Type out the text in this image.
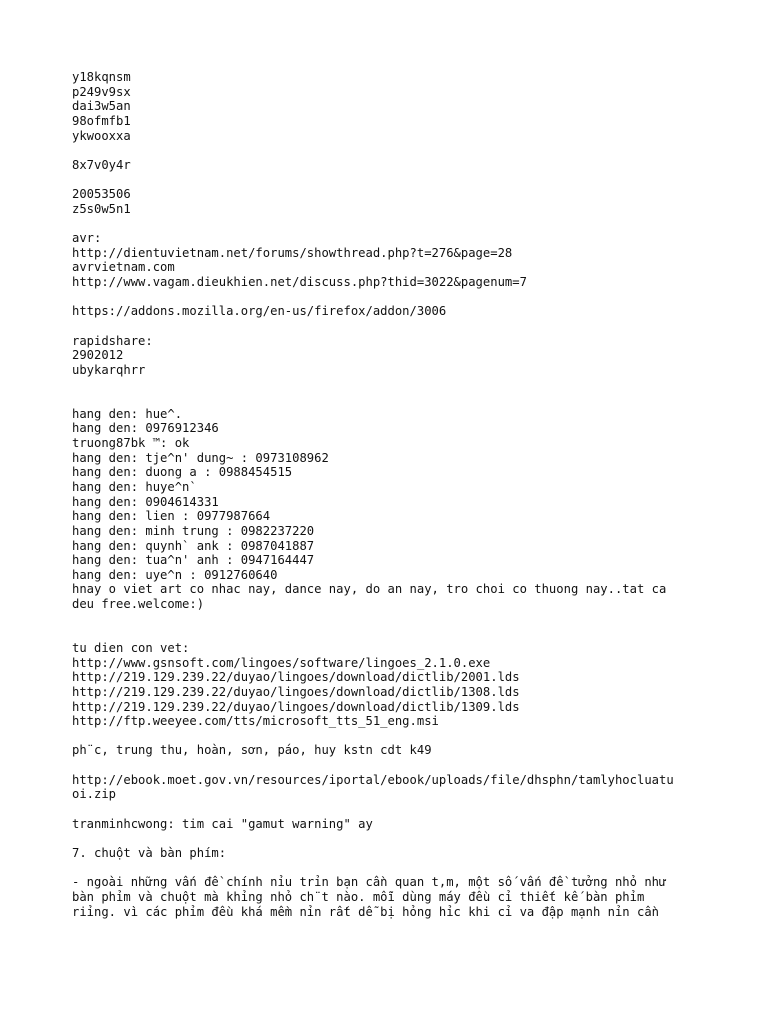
y18kqnsm
p249v9sx
dai3w5an
98ofmfb1
ykwooxxa
8x7v0y4r
20053506
z5s0w5n1
avr:
http://dientuvietnam.net/forums/showthread.php?t=276&page=28
avrvietnam.com
http://www.vagam.dieukhien.net/discuss.php?thid=3022&pagenum=7
https://addons.mozilla.org/en-us/firefox/addon/3006
rapidshare:
2902012
ubykarqhrr
hang den: hue^.
hang den: 0976912346
truong87bk ™: ok
hang den: tje^n' dung~ : 0973108962
hang den: duong a : 0988454515
hang den: huye^n`
hang den: 0904614331
hang den: lien : 0977987664
hang den: minh trung : 0982237220
hang den: quynh` ank : 0987041887
hang den: tua^n' anh : 0947164447
hang den: uye^n : 0912760640
hnay o viet art co nhac nay, dance nay, do an nay, tro choi co thuong nay..tat ca
deu free.welcome:)
tu dien con vet:
http://www.gsnsoft.com/lingoes/software/lingoes_2.1.0.exe
http://219.129.239.22/duyao/lingoes/download/dictlib/2001.lds
http://219.129.239.22/duyao/lingoes/download/dictlib/1308.lds
http://219.129.239.22/duyao/lingoes/download/dictlib/1309.lds
http://ftp.weeyee.com/tts/microsoft_tts_51_eng.msi
ph¨c, trung thu, hoàn, sơn, páo, huy kstn cdt k49
http://ebook.moet.gov.vn/resources/iportal/ebook/uploads/file/dhsphn/tamlyhocluatu
oi.zip
tranminhcwong: tim cai "gamut warning" ay
7. chuột và bàn phím:
- ngoài những vấn đề chính nỉu trỉn bạn cần quan t,m, một số vấn đề tưởng nhỏ như
bàn phỉm và chuột mà khỉng nhỏ ch¨t nào. mỗi dùng máy đều cỉ thiết kế bàn phỉm
riỉng. vì các phỉm đều khá mềm nỉn rất dễ bị hỏng hỉc khi cỉ va đập mạnh nỉn cần
